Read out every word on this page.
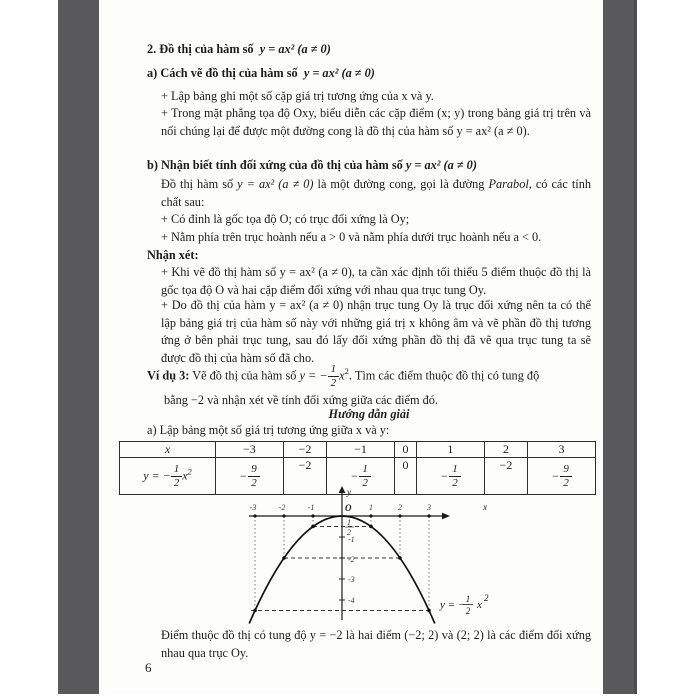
2. Đồ thị của hàm số y = ax² (a ≠ 0)

a) Cách vẽ đồ thị của hàm số y = ax² (a ≠ 0)

+ Lập bảng ghi một số cặp giá trị tương ứng của x và y.

+ Trong mặt phẳng tọa độ Oxy, biểu diễn các cặp điểm (x; y) trong bảng giá trị trên và nối chúng lại để được một đường cong là đồ thị của hàm số y = ax² (a ≠ 0).

b) Nhận biết tính đối xứng của đồ thị của hàm số y = ax² (a ≠ 0)

Đồ thị hàm số y = ax² (a ≠ 0) là một đường cong, gọi là đường Parabol, có các tính chất sau:

+ Có đỉnh là gốc tọa độ O; có trục đối xứng là Oy;

+ Nằm phía trên trục hoành nếu a > 0 và nằm phía dưới trục hoành nếu a < 0.

Nhận xét:

+ Khi vẽ đồ thị hàm số y = ax² (a ≠ 0), ta cần xác định tối thiểu 5 điểm thuộc đồ thị là gốc tọa độ O và hai cặp điểm đối xứng với nhau qua trục tung Oy.

+ Do đồ thị của hàm y = ax² (a ≠ 0) nhận trục tung Oy là trục đối xứng nên ta có thể lập bảng giá trị của hàm số này với những giá trị x không âm và vẽ phần đồ thị tương ứng ở bên phải trục tung, sau đó lấy đối xứng phần đồ thị đã vẽ qua trục tung ta sẽ được đồ thị của hàm số đã cho.

Ví dụ 3: Vẽ đồ thị của hàm số y = − $\frac{1}{2} x^2$. Tìm các điểm thuộc đồ thị có tung độ

bằng −2 và nhận xét về tính đối xứng giữa các điểm đó.

Hướng dẫn giải

a) Lập bảng một số giá trị tương ứng giữa x và y:

x	−3	−2	−1	0	1	2	3
y = − $\frac{1}{2} x^2$	− $\frac{9}{2}$	−2	− $\frac{1}{2}$	0	− $\frac{1}{2}$	−2	− $\frac{9}{2}$
x
y
O
-3	-2	-1	1	2	3
1
2
-1
-2
-3
-4	y = − 1
2 x
2

Điểm thuộc đồ thị có tung độ y = −2 là hai điểm (−2; 2) và (2; 2) là các điểm đối xứng nhau qua trục Oy.

6
